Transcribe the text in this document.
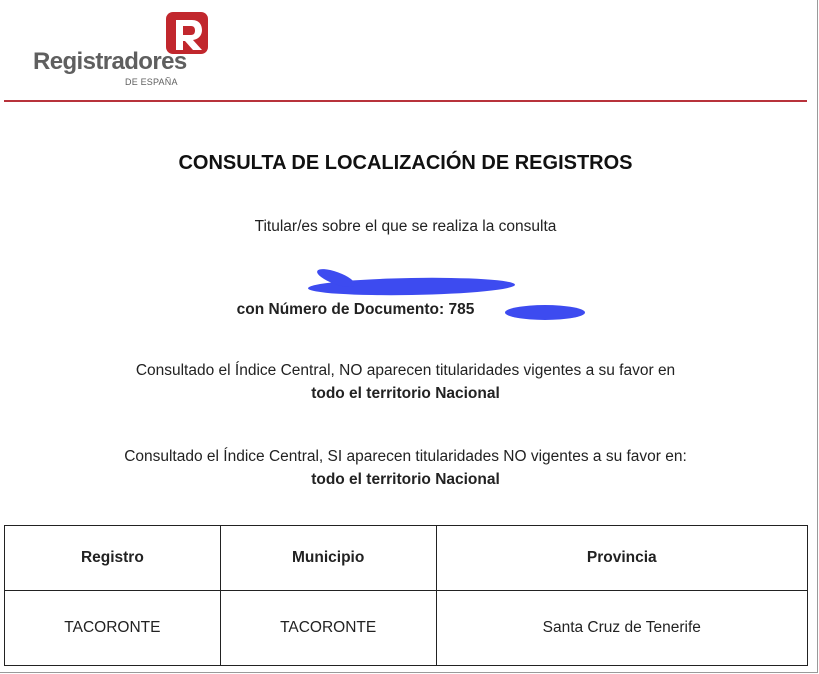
Registradores
DE ESPAÑA
CONSULTA DE LOCALIZACIÓN DE REGISTROS
Titular/es sobre el que se realiza la consulta
con Número de Documento: 785
Consultado el Índice Central, NO aparecen titularidades vigentes a su favor en
todo el territorio Nacional
Consultado el Índice Central, SI aparecen titularidades NO vigentes a su favor en:
todo el territorio Nacional
Registro	Municipio	Provincia
TACORONTE	TACORONTE	Santa Cruz de Tenerife
